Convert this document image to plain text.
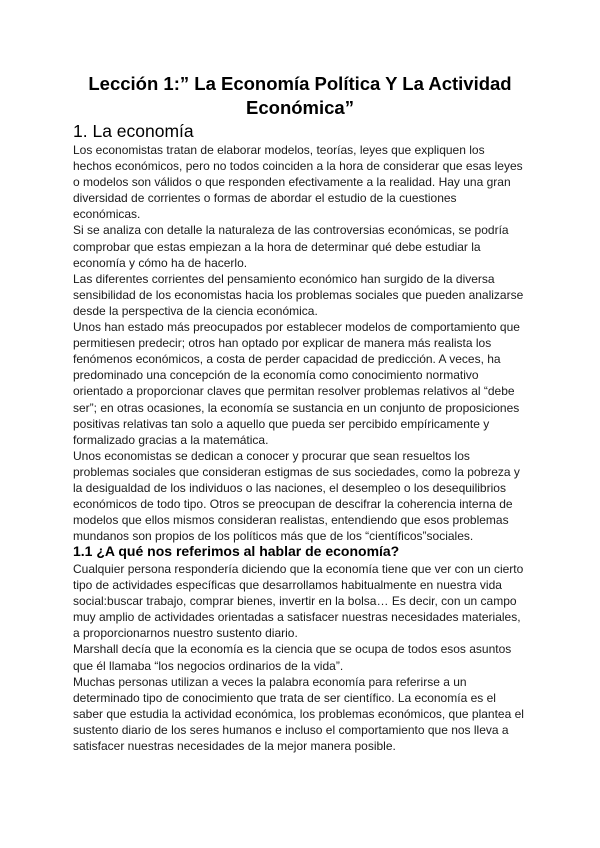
Lección 1:” La Economía Política Y La Actividad
Económica”
1. La economía

Los economistas tratan de elaborar modelos, teorías, leyes que expliquen los

hechos económicos, pero no todos coinciden a la hora de considerar que esas leyes

o modelos son válidos o que responden efectivamente a la realidad. Hay una gran

diversidad de corrientes o formas de abordar el estudio de la cuestiones

económicas.

Si se analiza con detalle la naturaleza de las controversias económicas, se podría

comprobar que estas empiezan a la hora de determinar qué debe estudiar la

economía y cómo ha de hacerlo.

Las diferentes corrientes del pensamiento económico han surgido de la diversa

sensibilidad de los economistas hacia los problemas sociales que pueden analizarse

desde la perspectiva de la ciencia económica.

Unos han estado más preocupados por establecer modelos de comportamiento que

permitiesen predecir; otros han optado por explicar de manera más realista los

fenómenos económicos, a costa de perder capacidad de predicción. A veces, ha

predominado una concepción de la economía como conocimiento normativo

orientado a proporcionar claves que permitan resolver problemas relativos al “debe

ser”; en otras ocasiones, la economía se sustancia en un conjunto de proposiciones

positivas relativas tan solo a aquello que pueda ser percibido empíricamente y

formalizado gracias a la matemática.

Unos economistas se dedican a conocer y procurar que sean resueltos los

problemas sociales que consideran estigmas de sus sociedades, como la pobreza y

la desigualdad de los individuos o las naciones, el desempleo o los desequilibrios

económicos de todo tipo. Otros se preocupan de descifrar la coherencia interna de

modelos que ellos mismos consideran realistas, entendiendo que esos problemas

mundanos son propios de los políticos más que de los “científicos”sociales.

1.1 ¿A qué nos referimos al hablar de economía?

Cualquier persona respondería diciendo que la economía tiene que ver con un cierto

tipo de actividades específicas que desarrollamos habitualmente en nuestra vida

social:buscar trabajo, comprar bienes, invertir en la bolsa… Es decir, con un campo

muy amplio de actividades orientadas a satisfacer nuestras necesidades materiales,

a proporcionarnos nuestro sustento diario.

Marshall decía que la economía es la ciencia que se ocupa de todos esos asuntos

que él llamaba “los negocios ordinarios de la vida”.

Muchas personas utilizan a veces la palabra economía para referirse a un

determinado tipo de conocimiento que trata de ser científico. La economía es el

saber que estudia la actividad económica, los problemas económicos, que plantea el

sustento diario de los seres humanos e incluso el comportamiento que nos lleva a

satisfacer nuestras necesidades de la mejor manera posible.
